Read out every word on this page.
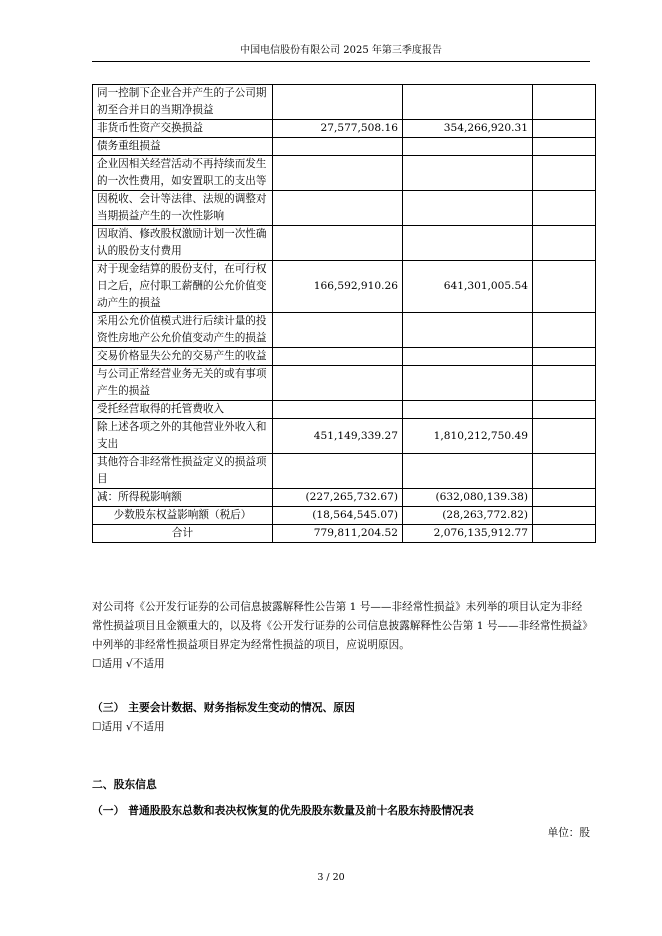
中国电信股份有限公司 2025 年第三季度报告
同一控制下企业合并产生的子公司期初至合并日的当期净损益			
非货币性资产交换损益	27,577,508.16	354,266,920.31	
债务重组损益			
企业因相关经营活动不再持续而发生的一次性费用，如安置职工的支出等			
因税收、会计等法律、法规的调整对当期损益产生的一次性影响			
因取消、修改股权激励计划一次性确认的股份支付费用			
对于现金结算的股份支付，在可行权日之后，应付职工薪酬的公允价值变动产生的损益	166,592,910.26	641,301,005.54	
采用公允价值模式进行后续计量的投资性房地产公允价值变动产生的损益			
交易价格显失公允的交易产生的收益			
与公司正常经营业务无关的或有事项产生的损益			
受托经营取得的托管费收入			
除上述各项之外的其他营业外收入和支出	451,149,339.27	1,810,212,750.49	
其他符合非经常性损益定义的损益项目			
减：所得税影响额	(227,265,732.67)	(632,080,139.38)	
少数股东权益影响额（税后）	(18,564,545.07)	(28,263,772.82)	
合计	779,811,204.52	2,076,135,912.77	

对公司将《公开发行证券的公司信息披露解释性公告第 1 号——非经常性损益》未列举的项目认定为非经常性损益项目且金额重大的，以及将《公开发行证券的公司信息披露解释性公告第 1 号——非经常性损益》中列举的非经常性损益项目界定为经常性损益的项目，应说明原因。

☐适用 √不适用

（三） 主要会计数据、财务指标发生变动的情况、原因

☐适用 √不适用

二、股东信息
（一） 普通股股东总数和表决权恢复的优先股股东数量及前十名股东持股情况表
单位：股
3 / 20
